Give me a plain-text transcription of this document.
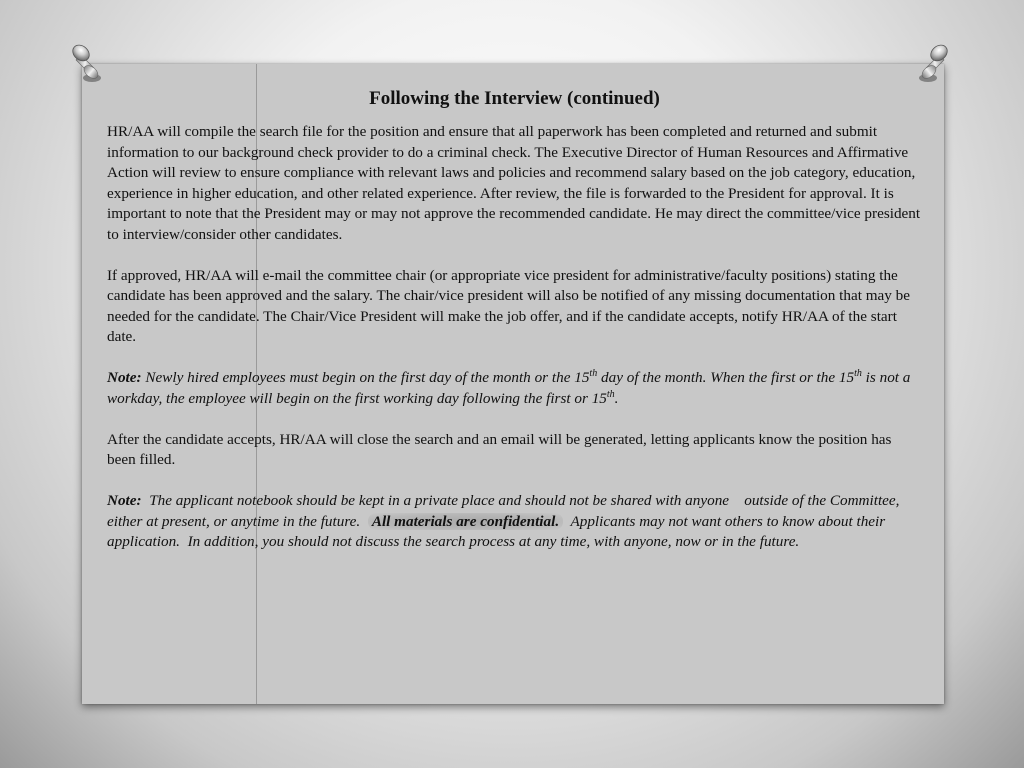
Following the Interview (continued)

HR/AA will compile the search file for the position and ensure that all paperwork has been completed and returned and submit information to our background check provider to do a criminal check. The Executive Director of Human Resources and Affirmative Action will review to ensure compliance with relevant laws and policies and recommend salary based on the job category, education, experience in higher education, and other related experience. After review, the file is forwarded to the President for approval. It is important to note that the President may or may not approve the recommended candidate. He may direct the committee/vice president to interview/consider other candidates.

If approved, HR/AA will e-mail the committee chair (or appropriate vice president for administrative/faculty positions) stating the candidate has been approved and the salary. The chair/vice president will also be notified of any missing documentation that may be needed for the candidate. The Chair/Vice President will make the job offer, and if the candidate accepts, notify HR/AA of the start date.

Note: Newly hired employees must begin on the first day of the month or the 15th day of the month. When the first or the 15th is not a workday, the employee will begin on the first working day following the first or 15th.

After the candidate accepts, HR/AA will close the search and an email will be generated, letting applicants know the position has been filled.

Note:  The applicant notebook should be kept in a private place and should not be shared with anyone    outside of the Committee, either at present, or anytime in the future.  All materials are confidential.  Applicants may not want others to know about their application.  In addition, you should not discuss the search process at any time, with anyone, now or in the future.
